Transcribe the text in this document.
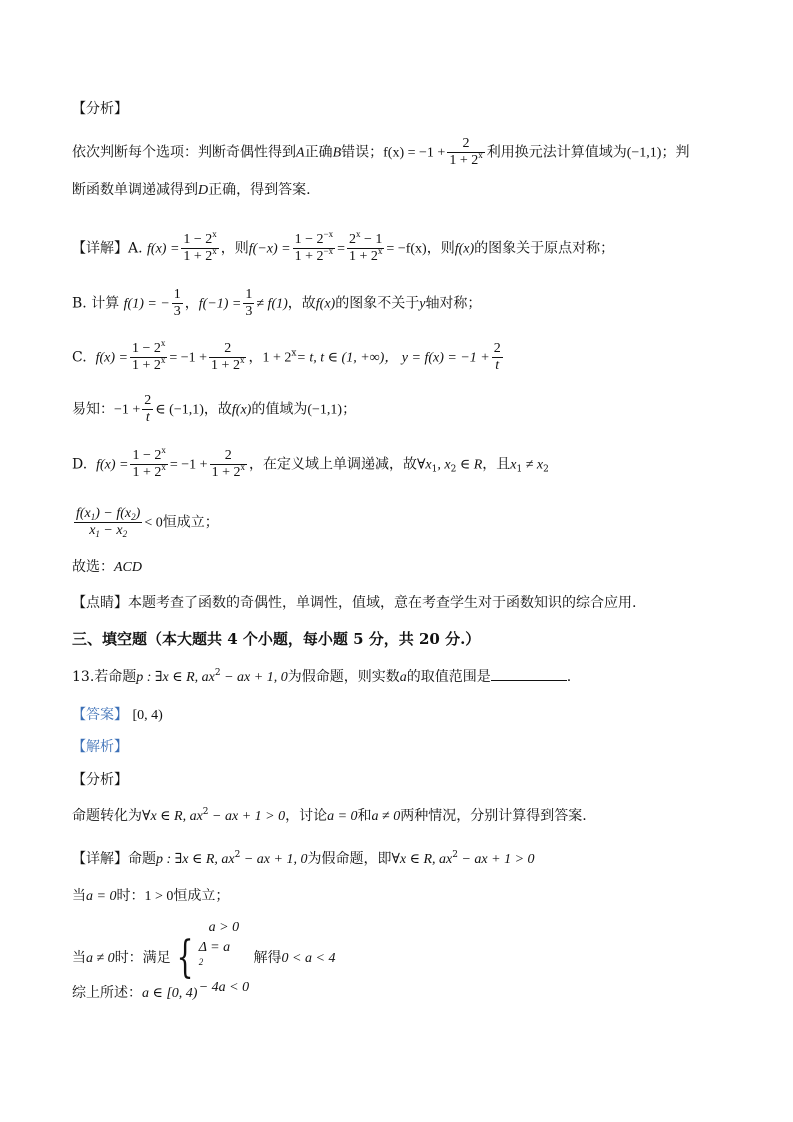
【分析】
依次判断每个选项：判断奇偶性得到A正确B错误；$f(x) = -1 + \frac{2}{1 + 2^x}$ 利用换元法计算值域为(−1,1)；判
断函数单调递减得到D正确，得到答案.
【详解】A. $f(x) = \frac{1 - 2^x}{1 + 2^x}$ ，则$f(-x) = \frac{1 - 2^{-x}}{1 + 2^{-x}} = \frac{2^x - 1}{1 + 2^x} = -f(x)$，则f(x)的图象关于原点对称；
B. 计算 f(1) = − $\frac{1}{3}$ ，$f(-1) = \frac{1}{3} \ne f(1)$，故f(x)的图象不关于y轴对称；
C. $f(x) = \frac{1 - 2^x}{1 + 2^x} = -1 + \frac{2}{1 + 2^x}$ ，$1 + 2^x= t$, t ∈ (1, +∞)， $y = f(x) = -1 + \frac{2}{t}$
易知：$-1 + \frac{2}{t}$ ∈ (−1,1)，故f(x)的值域为(−1,1)；
D. $f(x) = \frac{1 - 2^x}{1 + 2^x} = -1 + \frac{2}{1 + 2^x}$ ，在定义域上单调递减，故$\forall x_1$, $x_2$ ∈ R，且$x_1 \ne x_2$
$\frac{f(x_1) - f(x_2)}{x_1 - x_2} < 0$恒成立；
故选：ACD
【点睛】本题考查了函数的奇偶性，单调性，值域，意在考查学生对于函数知识的综合应用.
三、填空题（本大题共 4 个小题，每小题 5 分，共 20 分.）
13.若命题p : ∃x ∈ R, $ax^2$ − ax + 1, 0为假命题，则实数a的取值范围是	.
【答案】 [0, 4)
【解析】
【分析】
命题转化为∀x ∈ R, $ax^2$ − ax + 1 > 0，讨论a = 0和a ≠ 0两种情况，分别计算得到答案.
【详解】命题p : ∃x ∈ R, $ax^2$ − ax + 1, 0为假命题，即∀x ∈ R, $ax^2$ − ax + 1 > 0
当a = 0时：1 > 0恒成立；
当a ≠ 0时：满足 {
a > 0
Δ = a
$^2$
− 4a < 0
解得0 < a < 4
综上所述：a ∈ [0, 4)
